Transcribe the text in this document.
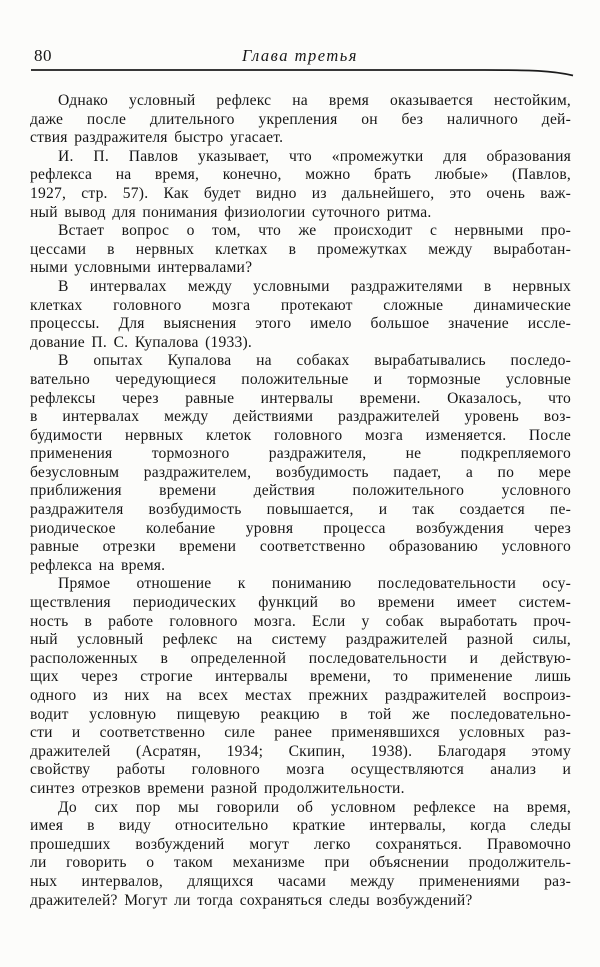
80	Глава третья

Однако условный рефлекс на время оказывается нестойким,
даже после длительного укрепления он без наличного дей-
ствия раздражителя быстро угасает.

И. П. Павлов указывает, что «промежутки для образования
рефлекса на время, конечно, можно брать любые» (Павлов,
1927, стр. 57). Как будет видно из дальнейшего, это очень важ-
ный вывод для понимания физиологии суточного ритма.

Встает вопрос о том, что же происходит с нервными про-
цессами в нервных клетках в промежутках между выработан-
ными условными интервалами?

В интервалах между условными раздражителями в нервных
клетках головного мозга протекают сложные динамические
процессы. Для выяснения этого имело большое значение иссле-
дование П. С. Купалова (1933).

В опытах Купалова на собаках вырабатывались последо-
вательно чередующиеся положительные и тормозные условные
рефлексы через равные интервалы времени. Оказалось, что
в интервалах между действиями раздражителей уровень воз-
будимости нервных клеток головного мозга изменяется. После
применения тормозного раздражителя, не подкрепляемого
безусловным раздражителем, возбудимость падает, а по мере
приближения времени действия положительного условного
раздражителя возбудимость повышается, и так создается пе-
риодическое колебание уровня процесса возбуждения через
равные отрезки времени соответственно образованию условного
рефлекса на время.

Прямое отношение к пониманию последовательности осу-
ществления периодических функций во времени имеет систем-
ность в работе головного мозга. Если у собак выработать проч-
ный условный рефлекс на систему раздражителей разной силы,
расположенных в определенной последовательности и действую-
щих через строгие интервалы времени, то применение лишь
одного из них на всех местах прежних раздражителей воспроиз-
водит условную пищевую реакцию в той же последовательно-
сти и соответственно силе ранее применявшихся условных раз-
дражителей (Асратян, 1934; Скипин, 1938). Благодаря этому
свойству работы головного мозга осуществляются анализ и
синтез отрезков времени разной продолжительности.

До сих пор мы говорили об условном рефлексе на время,
имея в виду относительно краткие интервалы, когда следы
прошедших возбуждений могут легко сохраняться. Правомочно
ли говорить о таком механизме при объяснении продолжитель-
ных интервалов, длящихся часами между применениями раз-
дражителей? Могут ли тогда сохраняться следы возбуждений?
